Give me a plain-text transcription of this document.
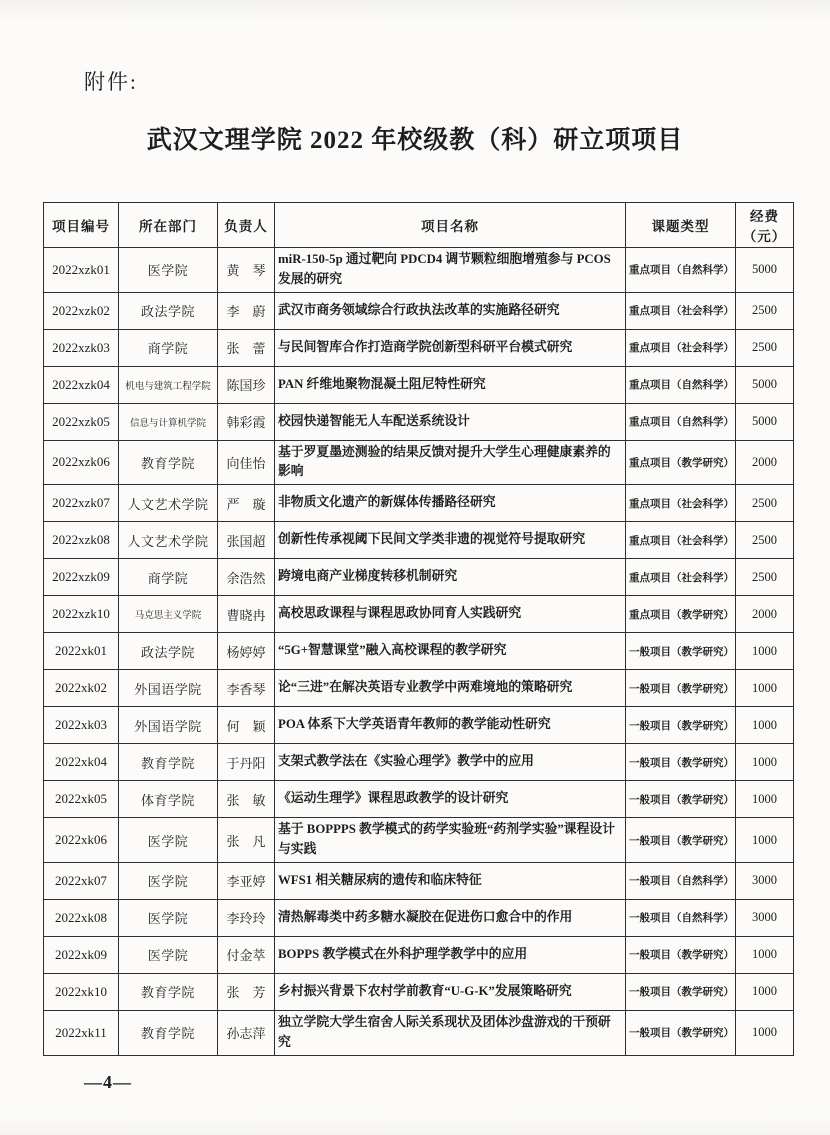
附件:
武汉文理学院 2022 年校级教（科）研立项项目
项目编号	所在部门	负责人	项目名称	课题类型	经费（元）
2022xzk01	医学院	黄　琴	miR-150-5p 通过靶向 PDCD4 调节颗粒细胞增殖参与 PCOS 发展的研究	重点项目（自然科学）	5000
2022xzk02	政法学院	李　蔚	武汉市商务领域综合行政执法改革的实施路径研究	重点项目（社会科学）	2500
2022xzk03	商学院	张　蕾	与民间智库合作打造商学院创新型科研平台模式研究	重点项目（社会科学）	2500
2022xzk04	机电与建筑工程学院	陈国珍	PAN 纤维地聚物混凝土阻尼特性研究	重点项目（自然科学）	5000
2022xzk05	信息与计算机学院	韩彩霞	校园快递智能无人车配送系统设计	重点项目（自然科学）	5000
2022xzk06	教育学院	向佳怡	基于罗夏墨迹测验的结果反馈对提升大学生心理健康素养的影响	重点项目（教学研究）	2000
2022xzk07	人文艺术学院	严　璇	非物质文化遗产的新媒体传播路径研究	重点项目（社会科学）	2500
2022xzk08	人文艺术学院	张国超	创新性传承视阈下民间文学类非遗的视觉符号提取研究	重点项目（社会科学）	2500
2022xzk09	商学院	余浩然	跨境电商产业梯度转移机制研究	重点项目（社会科学）	2500
2022xzk10	马克思主义学院	曹晓冉	高校思政课程与课程思政协同育人实践研究	重点项目（教学研究）	2000
2022xk01	政法学院	杨婷婷	“5G+智慧课堂”融入高校课程的教学研究	一般项目（教学研究）	1000
2022xk02	外国语学院	李香琴	论“三进”在解决英语专业教学中两难境地的策略研究	一般项目（教学研究）	1000
2022xk03	外国语学院	何　颖	POA 体系下大学英语青年教师的教学能动性研究	一般项目（教学研究）	1000
2022xk04	教育学院	于丹阳	支架式教学法在《实验心理学》教学中的应用	一般项目（教学研究）	1000
2022xk05	体育学院	张　敏	《运动生理学》课程思政教学的设计研究	一般项目（教学研究）	1000
2022xk06	医学院	张　凡	基于 BOPPPS 教学模式的药学实验班“药剂学实验”课程设计与实践	一般项目（教学研究）	1000
2022xk07	医学院	李亚婷	WFS1 相关糖尿病的遗传和临床特征	一般项目（自然科学）	3000
2022xk08	医学院	李玲玲	清热解毒类中药多糖水凝胶在促进伤口愈合中的作用	一般项目（自然科学）	3000
2022xk09	医学院	付金萃	BOPPS 教学模式在外科护理学教学中的应用	一般项目（教学研究）	1000
2022xk10	教育学院	张　芳	乡村振兴背景下农村学前教育“U-G-K”发展策略研究	一般项目（教学研究）	1000
2022xk11	教育学院	孙志萍	独立学院大学生宿舍人际关系现状及团体沙盘游戏的干预研究	一般项目（教学研究）	1000
—4—
